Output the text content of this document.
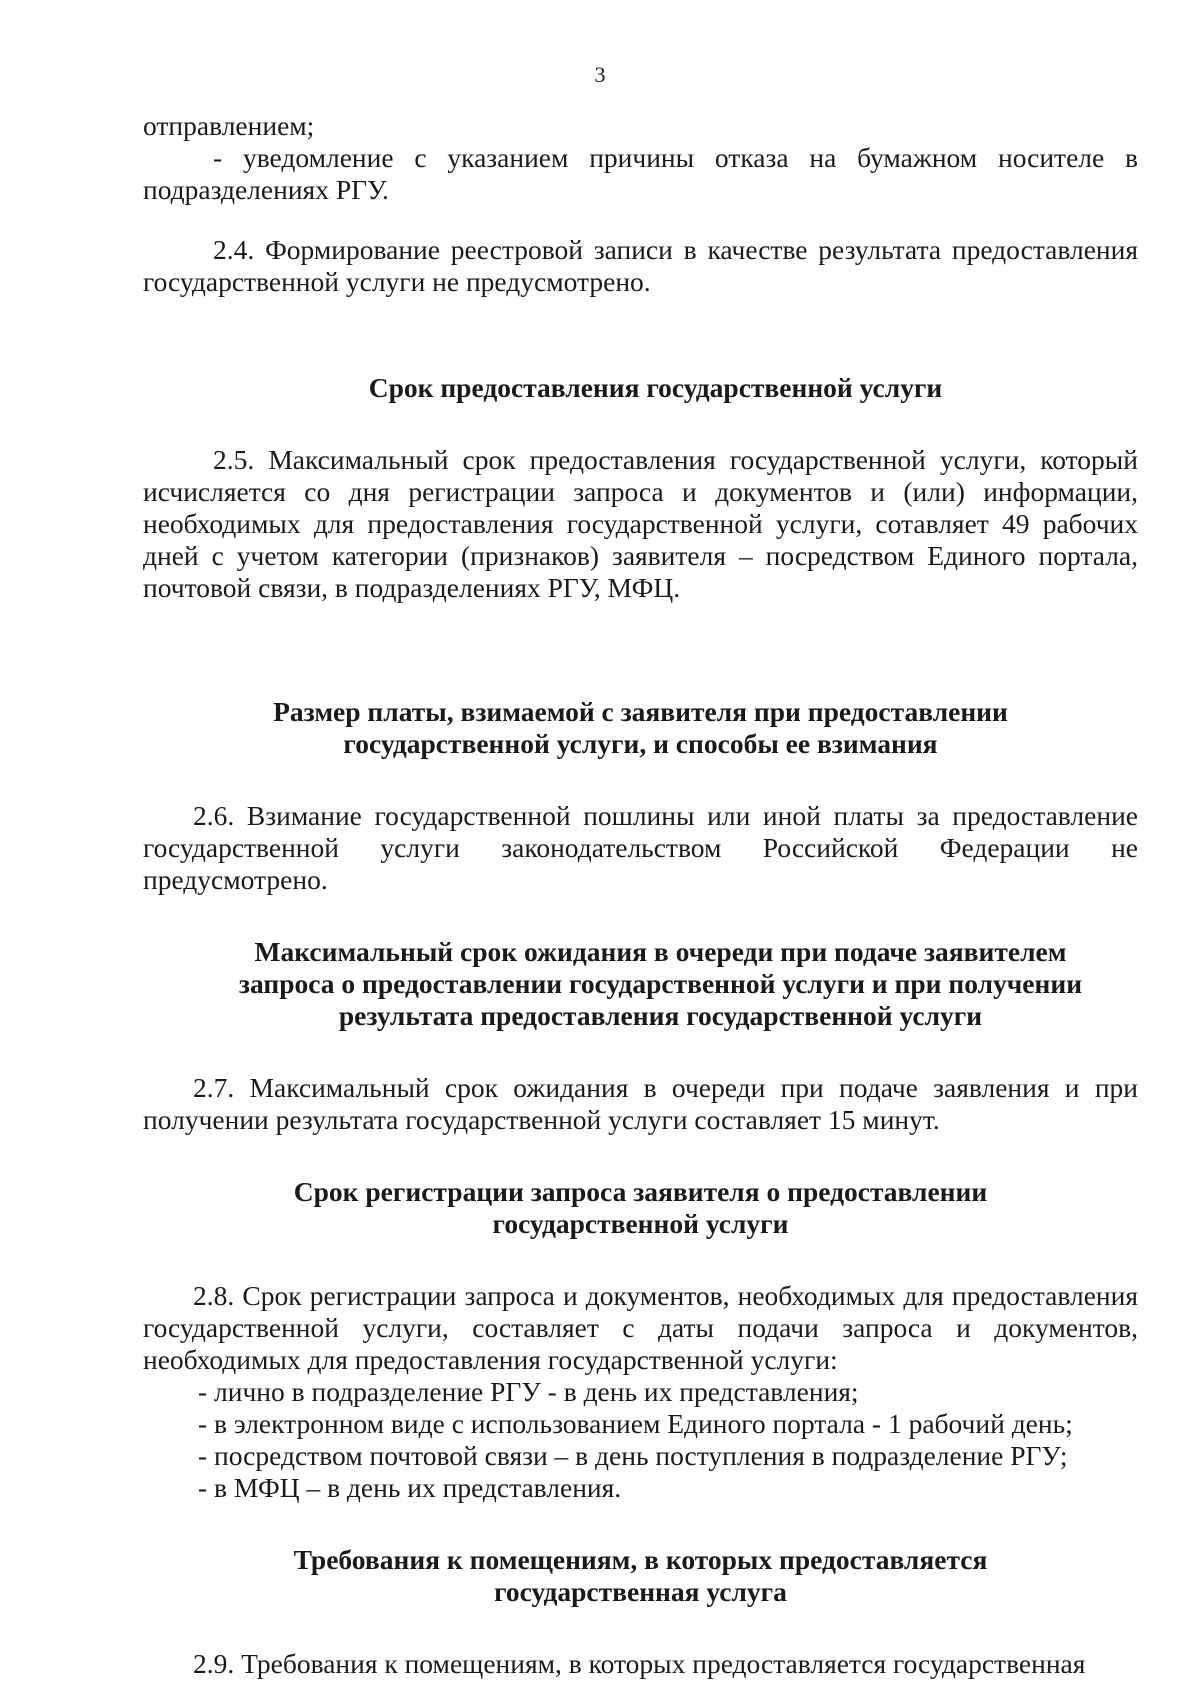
3

отправлением;

- уведомление с указанием причины отказа на бумажном носителе в подразделениях РГУ.

2.4. Формирование реестровой записи в качестве результата предоставления государственной услуги не предусмотрено.

Срок предоставления государственной услуги

2.5. Максимальный срок предоставления государственной услуги, который исчисляется со дня регистрации запроса и документов и (или) информации, необходимых для предоставления государственной услуги, сотавляет 49 рабочих дней с учетом категории (признаков) заявителя – посредством Единого портала, почтовой связи, в подразделениях РГУ, МФЦ.

Размер платы, взимаемой с заявителя при предоставлении
государственной услуги, и способы ее взимания

2.6. Взимание государственной пошлины или иной платы за предоставление государственной услуги законодательством Российской Федерации не предусмотрено.

Максимальный срок ожидания в очереди при подаче заявителем
запроса о предоставлении государственной услуги и при получении
результата предоставления государственной услуги

2.7. Максимальный срок ожидания в очереди при подаче заявления и при получении результата государственной услуги составляет 15 минут.

Срок регистрации запроса заявителя о предоставлении
государственной услуги

2.8. Срок регистрации запроса и документов, необходимых для предоставления государственной услуги, составляет с даты подачи запроса и документов, необходимых для предоставления государственной услуги:

- лично в подразделение РГУ - в день их представления;

- в электронном виде с использованием Единого портала - 1 рабочий день;

- посредством почтовой связи – в день поступления в подразделение РГУ;

- в МФЦ – в день их представления.

Требования к помещениям, в которых предоставляется
государственная услуга

2.9. Требования к помещениям, в которых предоставляется государственная
